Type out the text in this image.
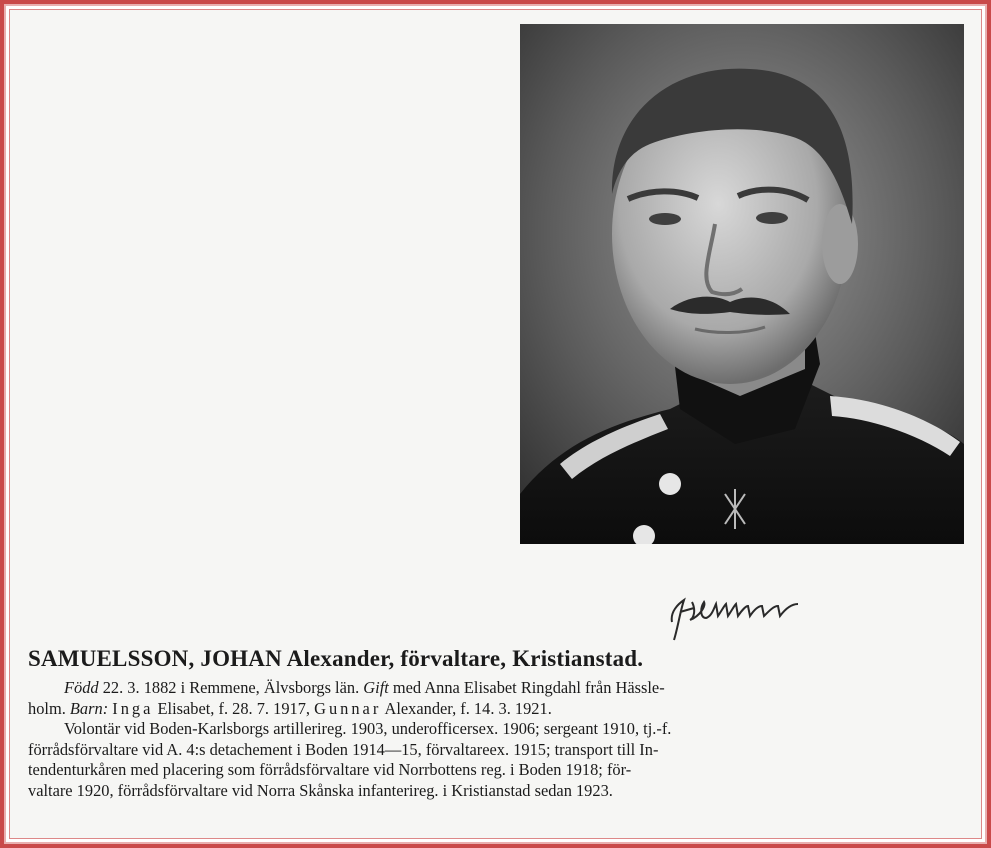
SAMUELSSON, JOHAN Alexander, förvaltare, Kristianstad.

Född 22. 3. 1882 i Remmene, Älvsborgs län. Gift med Anna Elisabet Ringdahl från Hässle-
holm. Barn: Inga Elisabet, f. 28. 7. 1917, Gunnar Alexander, f. 14. 3. 1921.
Volontär vid Boden-Karlsborgs artillerireg. 1903, underofficersex. 1906; sergeant 1910, tj.-f.
förrådsförvaltare vid A. 4:s detachement i Boden 1914—15, förvaltareex. 1915; transport till In-
tendenturkåren med placering som förrådsförvaltare vid Norrbottens reg. i Boden 1918; för-
valtare 1920, förrådsförvaltare vid Norra Skånska infanterireg. i Kristianstad sedan 1923.
